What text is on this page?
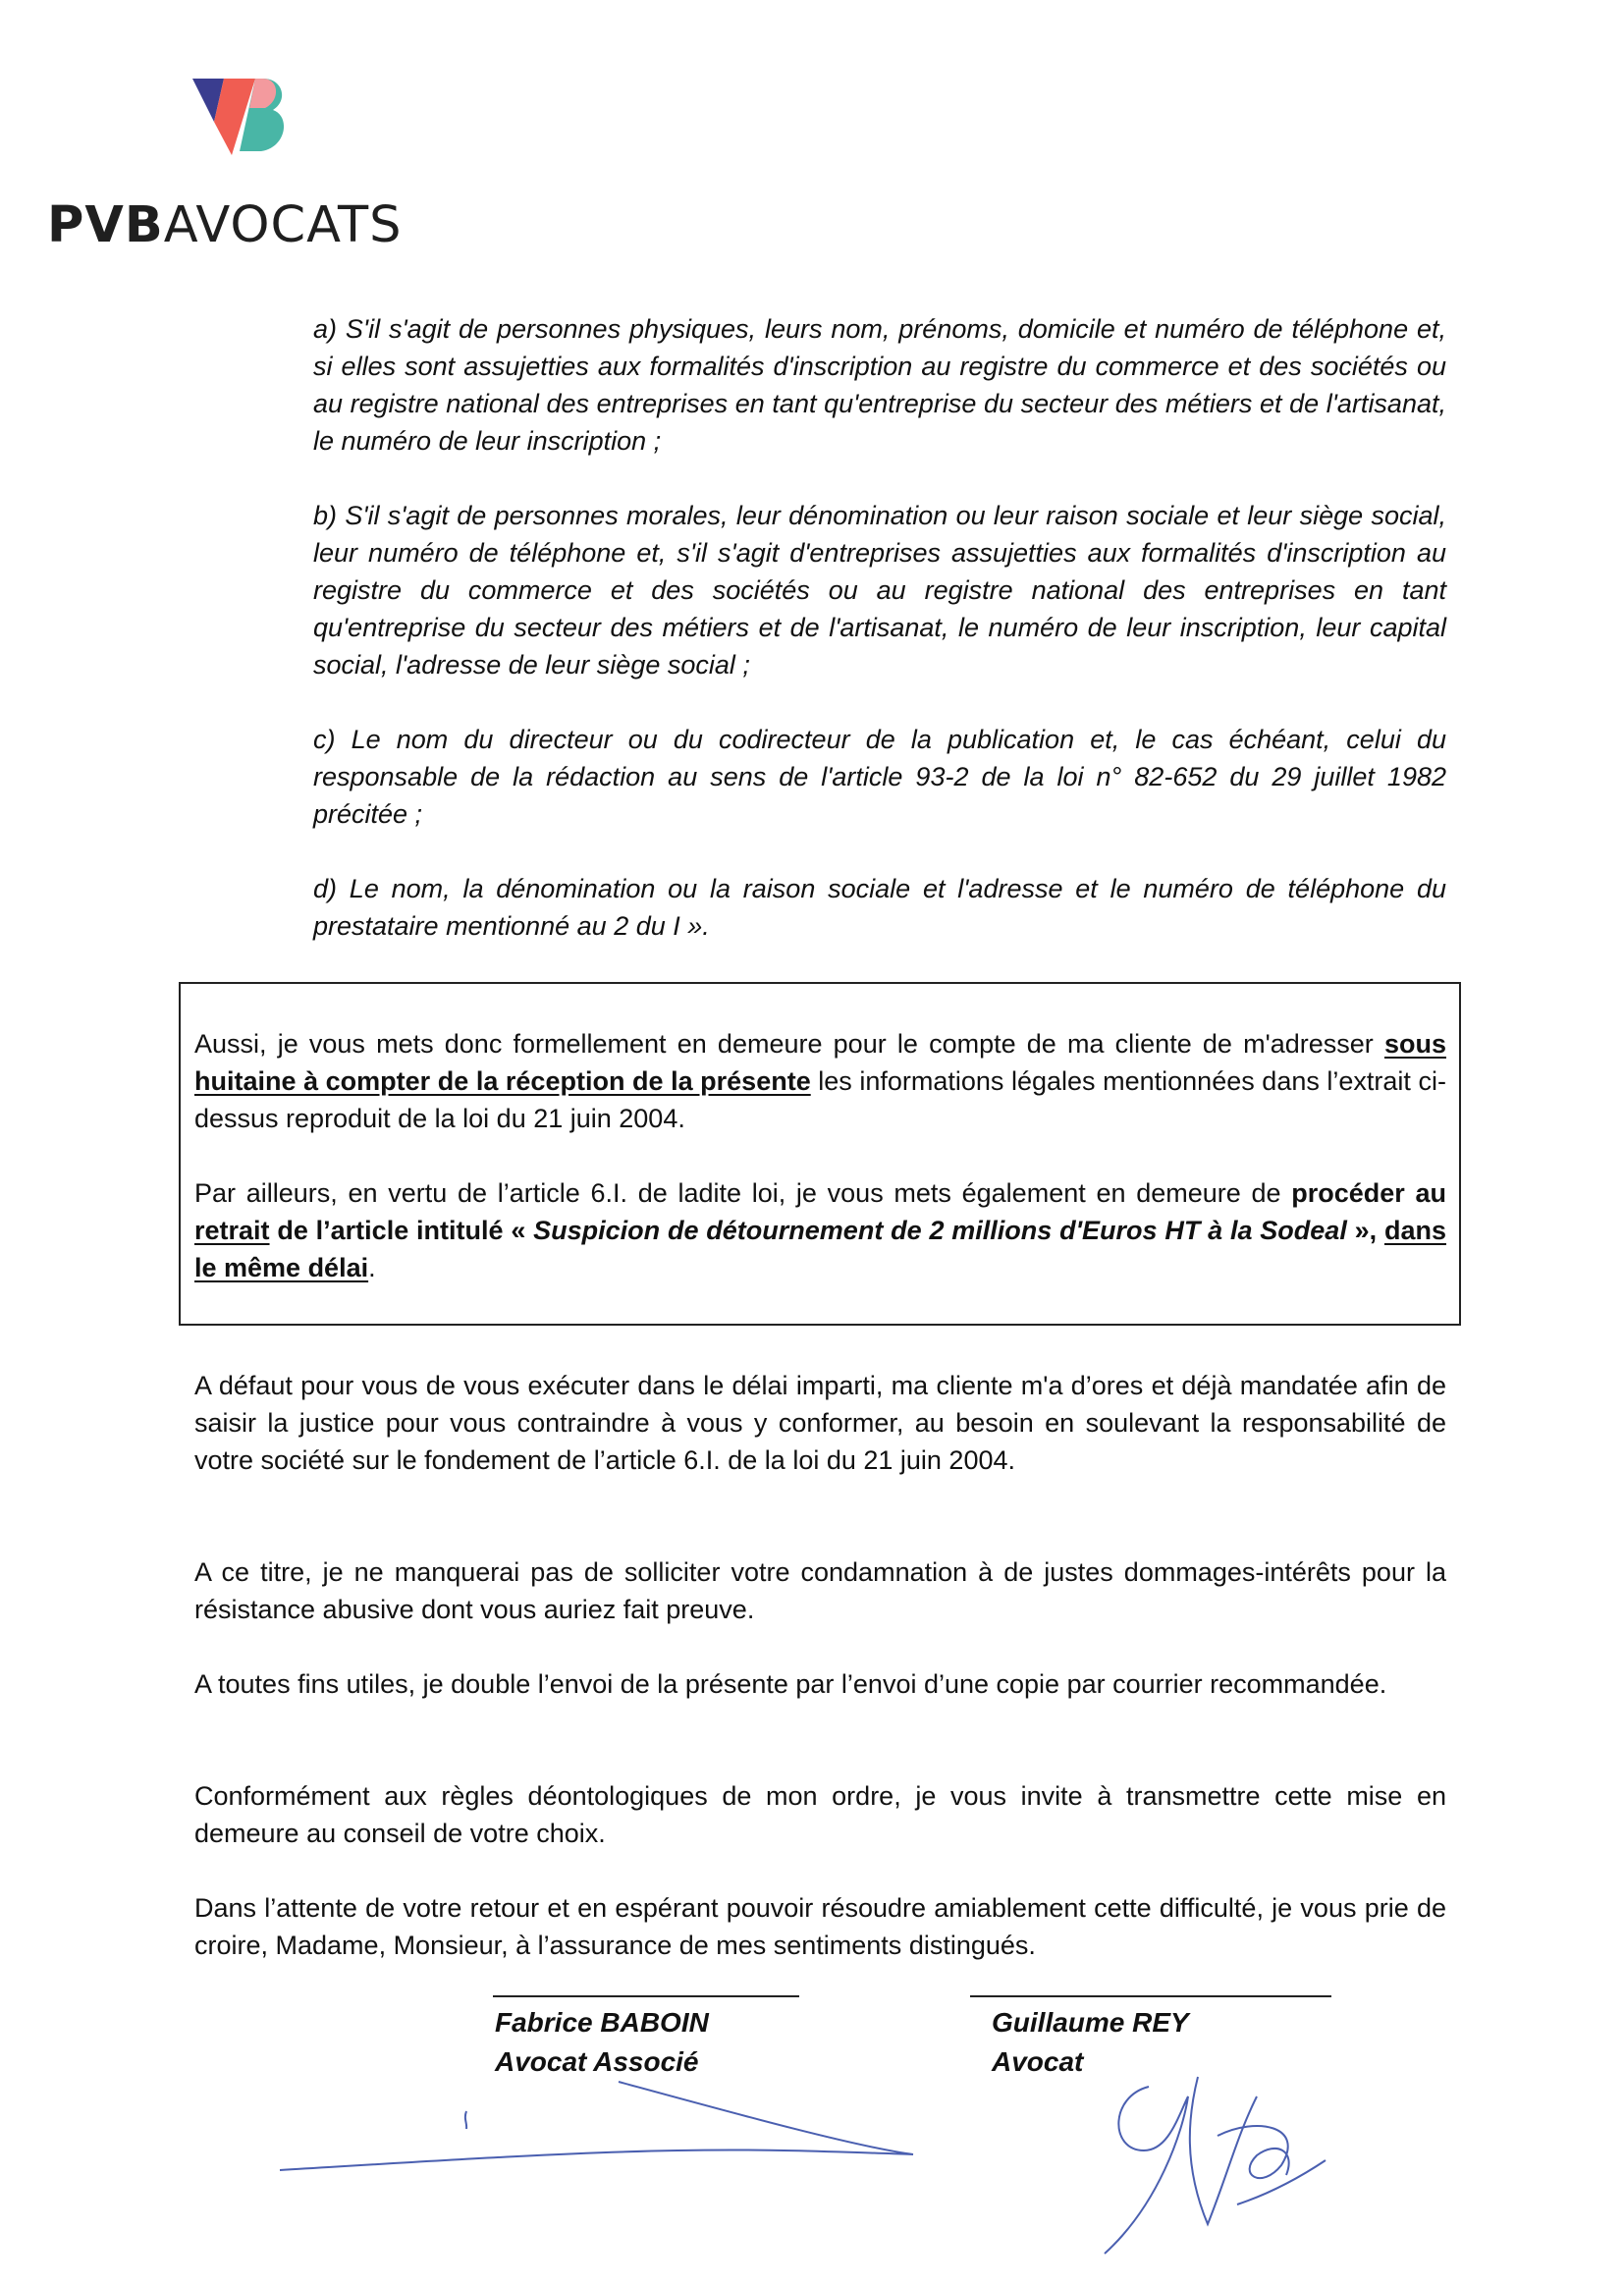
PVBAVOCATS

a) S'il s'agit de personnes physiques, leurs nom, prénoms, domicile et numéro de téléphone et, si elles sont assujetties aux formalités d'inscription au registre du commerce et des sociétés ou au registre national des entreprises en tant qu'entreprise du secteur des métiers et de l'artisanat, le numéro de leur inscription ;

b) S'il s'agit de personnes morales, leur dénomination ou leur raison sociale et leur siège social, leur numéro de téléphone et, s'il s'agit d'entreprises assujetties aux formalités d'inscription au registre du commerce et des sociétés ou au registre national des entreprises en tant qu'entreprise du secteur des métiers et de l'artisanat, le numéro de leur inscription, leur capital social, l'adresse de leur siège social ;

c) Le nom du directeur ou du codirecteur de la publication et, le cas échéant, celui du responsable de la rédaction au sens de l'article 93-2 de la loi n° 82-652 du 29 juillet 1982 précitée ;

d) Le nom, la dénomination ou la raison sociale et l'adresse et le numéro de téléphone du prestataire mentionné au 2 du I ».

Aussi, je vous mets donc formellement en demeure pour le compte de ma cliente de m'adresser sous huitaine à compter de la réception de la présente les informations légales mentionnées dans l’extrait ci-dessus reproduit de la loi du 21 juin 2004.

Par ailleurs, en vertu de l’article 6.I. de ladite loi, je vous mets également en demeure de procéder au retrait de l’article intitulé « Suspicion de détournement de 2 millions d'Euros HT à la Sodeal », dans le même délai.

A défaut pour vous de vous exécuter dans le délai imparti, ma cliente m'a d’ores et déjà mandatée afin de saisir la justice pour vous contraindre à vous y conformer, au besoin en soulevant la responsabilité de votre société sur le fondement de l’article 6.I. de la loi du 21 juin 2004.

A ce titre, je ne manquerai pas de solliciter votre condamnation à de justes dommages-intérêts pour la résistance abusive dont vous auriez fait preuve.

A toutes fins utiles, je double l’envoi de la présente par l’envoi d’une copie par courrier recommandée.

Conformément aux règles déontologiques de mon ordre, je vous invite à transmettre cette mise en demeure au conseil de votre choix.

Dans l’attente de votre retour et en espérant pouvoir résoudre amiablement cette difficulté, je vous prie de croire, Madame, Monsieur, à l’assurance de mes sentiments distingués.

Fabrice BABOIN
Avocat Associé
Guillaume REY
Avocat
